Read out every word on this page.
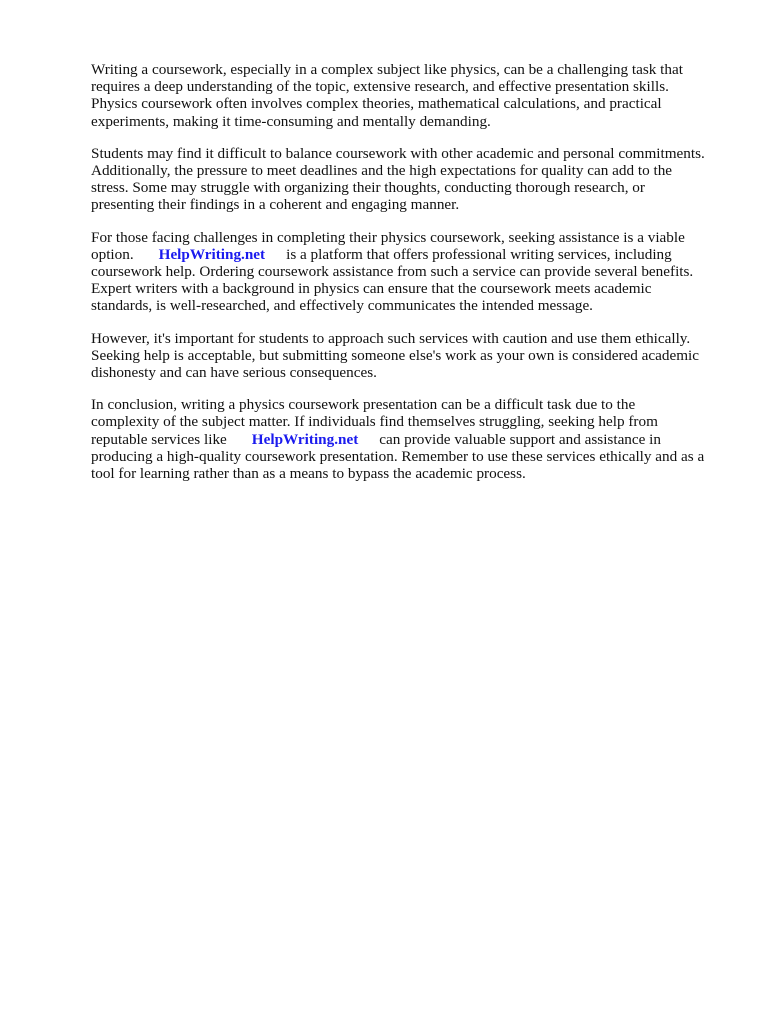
Writing a coursework, especially in a complex subject like physics, can be a challenging task that
requires a deep understanding of the topic, extensive research, and effective presentation skills.
Physics coursework often involves complex theories, mathematical calculations, and practical
experiments, making it time-consuming and mentally demanding.

Students may find it difficult to balance coursework with other academic and personal commitments.
Additionally, the pressure to meet deadlines and the high expectations for quality can add to the
stress. Some may struggle with organizing their thoughts, conducting thorough research, or
presenting their findings in a coherent and engaging manner.

For those facing challenges in completing their physics coursework, seeking assistance is a viable
option. HelpWriting.net is a platform that offers professional writing services, including
coursework help. Ordering coursework assistance from such a service can provide several benefits.
Expert writers with a background in physics can ensure that the coursework meets academic
standards, is well-researched, and effectively communicates the intended message.

However, it's important for students to approach such services with caution and use them ethically.
Seeking help is acceptable, but submitting someone else's work as your own is considered academic
dishonesty and can have serious consequences.

In conclusion, writing a physics coursework presentation can be a difficult task due to the
complexity of the subject matter. If individuals find themselves struggling, seeking help from
reputable services like HelpWriting.net can provide valuable support and assistance in
producing a high-quality coursework presentation. Remember to use these services ethically and as a
tool for learning rather than as a means to bypass the academic process.
